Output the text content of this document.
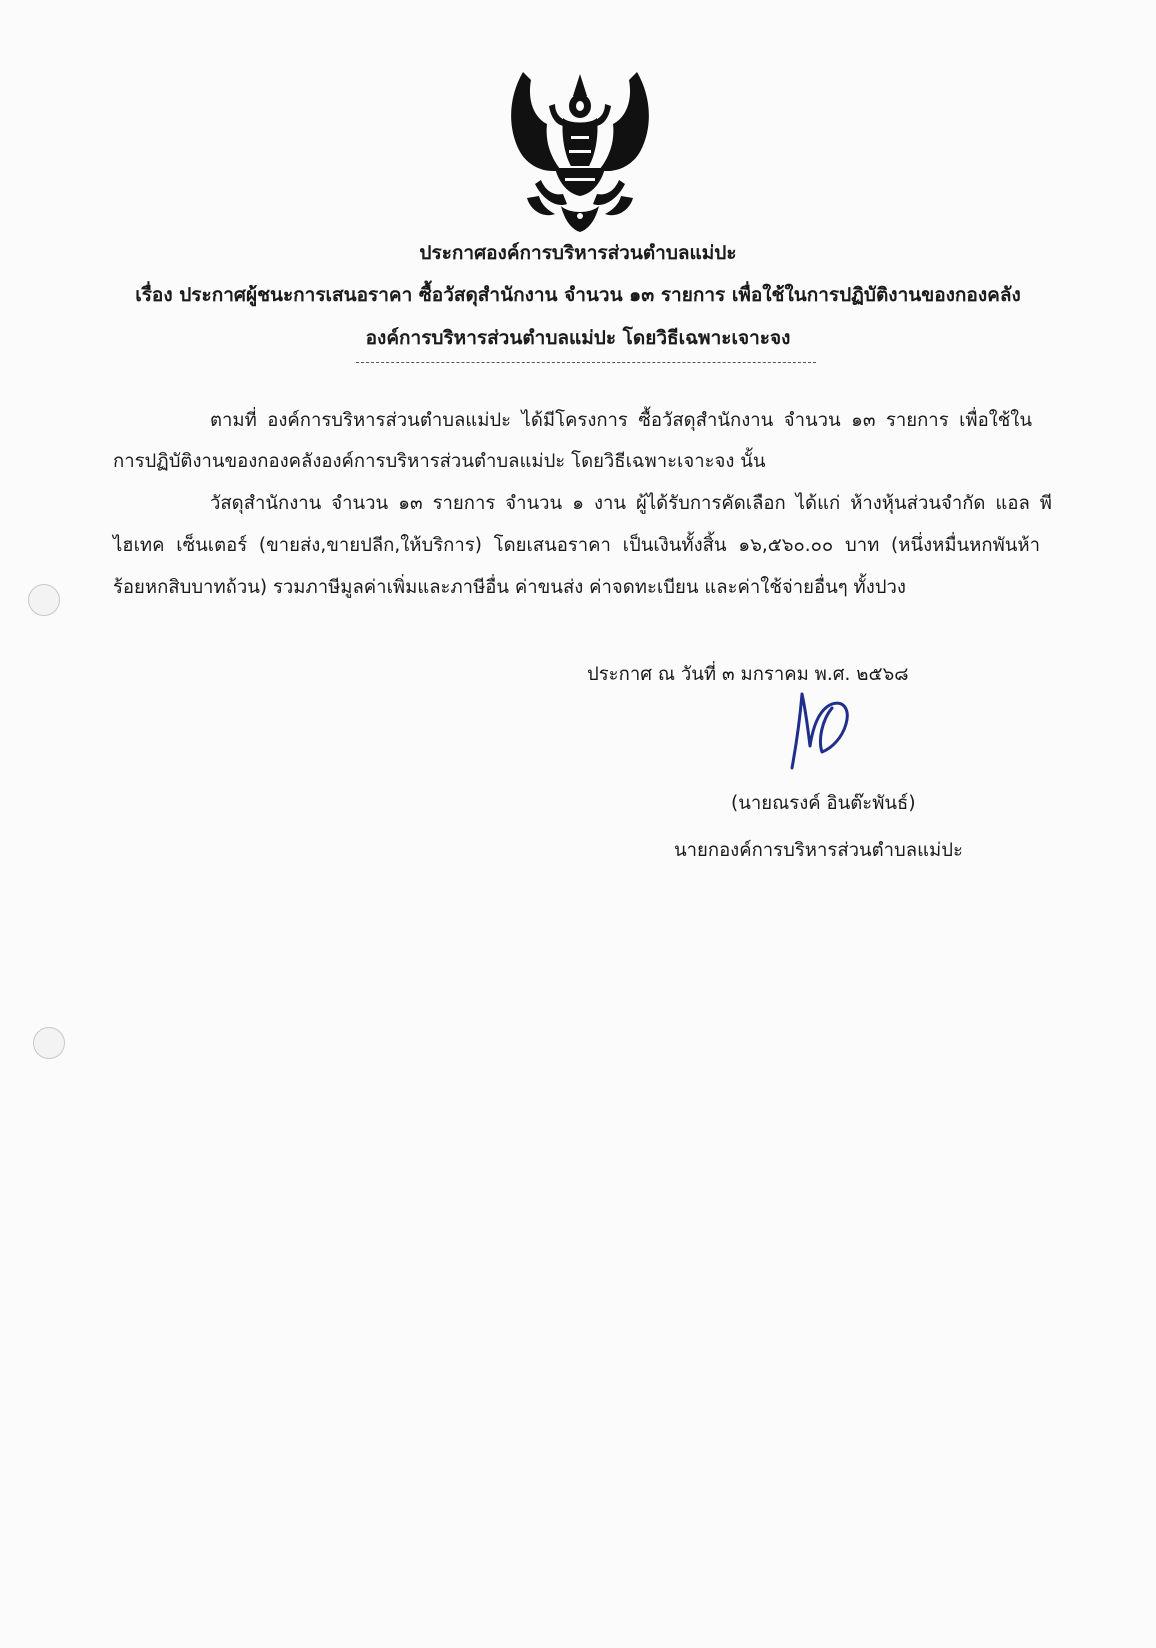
ประกาศองค์การบริหารส่วนตำบลแม่ปะ
เรื่อง ประกาศผู้ชนะการเสนอราคา ซื้อวัสดุสำนักงาน จำนวน ๑๓ รายการ เพื่อใช้ในการปฏิบัติงานของกองคลัง
องค์การบริหารส่วนตำบลแม่ปะ โดยวิธีเฉพาะเจาะจง
ตามที่ องค์การบริหารส่วนตำบลแม่ปะ ได้มีโครงการ ซื้อวัสดุสำนักงาน จำนวน ๑๓ รายการ เพื่อใช้ใน
การปฏิบัติงานของกองคลังองค์การบริหารส่วนตำบลแม่ปะ โดยวิธีเฉพาะเจาะจง นั้น
วัสดุสำนักงาน จำนวน ๑๓ รายการ จำนวน ๑ งาน ผู้ได้รับการคัดเลือก ได้แก่ ห้างหุ้นส่วนจำกัด แอล พี
ไฮเทค เซ็นเตอร์ (ขายส่ง,ขายปลีก,ให้บริการ) โดยเสนอราคา เป็นเงินทั้งสิ้น ๑๖,๕๖๐.๐๐ บาท (หนึ่งหมื่นหกพันห้า
ร้อยหกสิบบาทถ้วน) รวมภาษีมูลค่าเพิ่มและภาษีอื่น ค่าขนส่ง ค่าจดทะเบียน และค่าใช้จ่ายอื่นๆ ทั้งปวง
ประกาศ ณ วันที่ ๓ มกราคม พ.ศ. ๒๕๖๘
(นายณรงค์ อินต๊ะพันธ์)
นายกองค์การบริหารส่วนตำบลแม่ปะ
